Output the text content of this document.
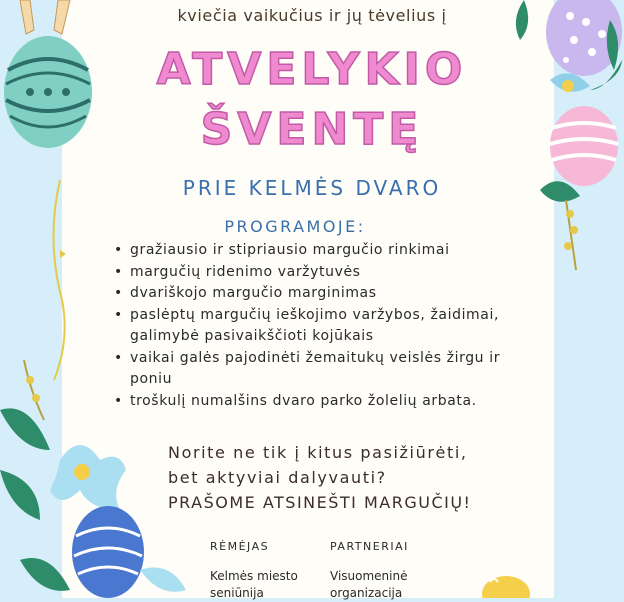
kviečia vaikučius ir jų tėvelius į
ATVELYKIO
ŠVENTĘ
PRIE KELMĖS DVARO
PROGRAMOJE:
• gražiausio ir stipriausio margučio rinkimai
• margučių ridenimo varžytuvės
• dvariškojo margučio marginimas
• paslėptų margučių ieškojimo varžybos, žaidimai, galimybė pasivaikščioti kojūkais
• vaikai galės pajodinėti žemaitukų veislės žirgu ir poniu
• troškulį numalšins dvaro parko žolelių arbata.
Norite ne tik į kitus pasižiūrėti,
bet aktyviai dalyvauti?
PRAŠOME ATSINEŠTI MARGUČIŲ!
RĖMĖJAS
Kelmės miesto
seniūnija
PARTNERIAI
Visuomeninė
organizacija
